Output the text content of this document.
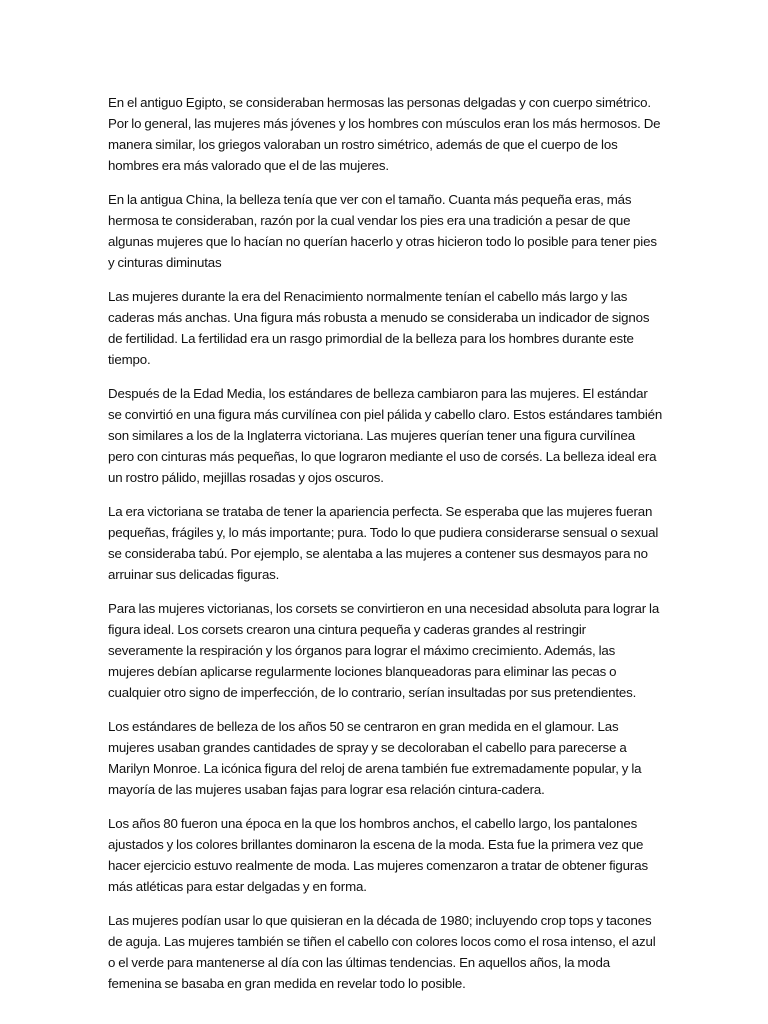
En el antiguo Egipto, se consideraban hermosas las personas delgadas y con cuerpo simétrico. Por lo general, las mujeres más jóvenes y los hombres con músculos eran los más hermosos. De manera similar, los griegos valoraban un rostro simétrico, además de que el cuerpo de los hombres era más valorado que el de las mujeres.

En la antigua China, la belleza tenía que ver con el tamaño. Cuanta más pequeña eras, más hermosa te consideraban, razón por la cual vendar los pies era una tradición a pesar de que algunas mujeres que lo hacían no querían hacerlo y otras hicieron todo lo posible para tener pies y cinturas diminutas

Las mujeres durante la era del Renacimiento normalmente tenían el cabello más largo y las caderas más anchas. Una figura más robusta a menudo se consideraba un indicador de signos de fertilidad. La fertilidad era un rasgo primordial de la belleza para los hombres durante este tiempo.

Después de la Edad Media, los estándares de belleza cambiaron para las mujeres. El estándar se convirtió en una figura más curvilínea con piel pálida y cabello claro. Estos estándares también son similares a los de la Inglaterra victoriana. Las mujeres querían tener una figura curvilínea pero con cinturas más pequeñas, lo que lograron mediante el uso de corsés. La belleza ideal era un rostro pálido, mejillas rosadas y ojos oscuros.

La era victoriana se trataba de tener la apariencia perfecta. Se esperaba que las mujeres fueran pequeñas, frágiles y, lo más importante; pura. Todo lo que pudiera considerarse sensual o sexual se consideraba tabú. Por ejemplo, se alentaba a las mujeres a contener sus desmayos para no arruinar sus delicadas figuras.

Para las mujeres victorianas, los corsets se convirtieron en una necesidad absoluta para lograr la figura ideal. Los corsets crearon una cintura pequeña y caderas grandes al restringir severamente la respiración y los órganos para lograr el máximo crecimiento. Además, las mujeres debían aplicarse regularmente lociones blanqueadoras para eliminar las pecas o cualquier otro signo de imperfección, de lo contrario, serían insultadas por sus pretendientes.

Los estándares de belleza de los años 50 se centraron en gran medida en el glamour. Las mujeres usaban grandes cantidades de spray y se decoloraban el cabello para parecerse a Marilyn Monroe. La icónica figura del reloj de arena también fue extremadamente popular, y la mayoría de las mujeres usaban fajas para lograr esa relación cintura-cadera.

Los años 80 fueron una época en la que los hombros anchos, el cabello largo, los pantalones ajustados y los colores brillantes dominaron la escena de la moda. Esta fue la primera vez que hacer ejercicio estuvo realmente de moda. Las mujeres comenzaron a tratar de obtener figuras más atléticas para estar delgadas y en forma.

Las mujeres podían usar lo que quisieran en la década de 1980; incluyendo crop tops y tacones de aguja. Las mujeres también se tiñen el cabello con colores locos como el rosa intenso, el azul o el verde para mantenerse al día con las últimas tendencias. En aquellos años, la moda femenina se basaba en gran medida en revelar todo lo posible.
